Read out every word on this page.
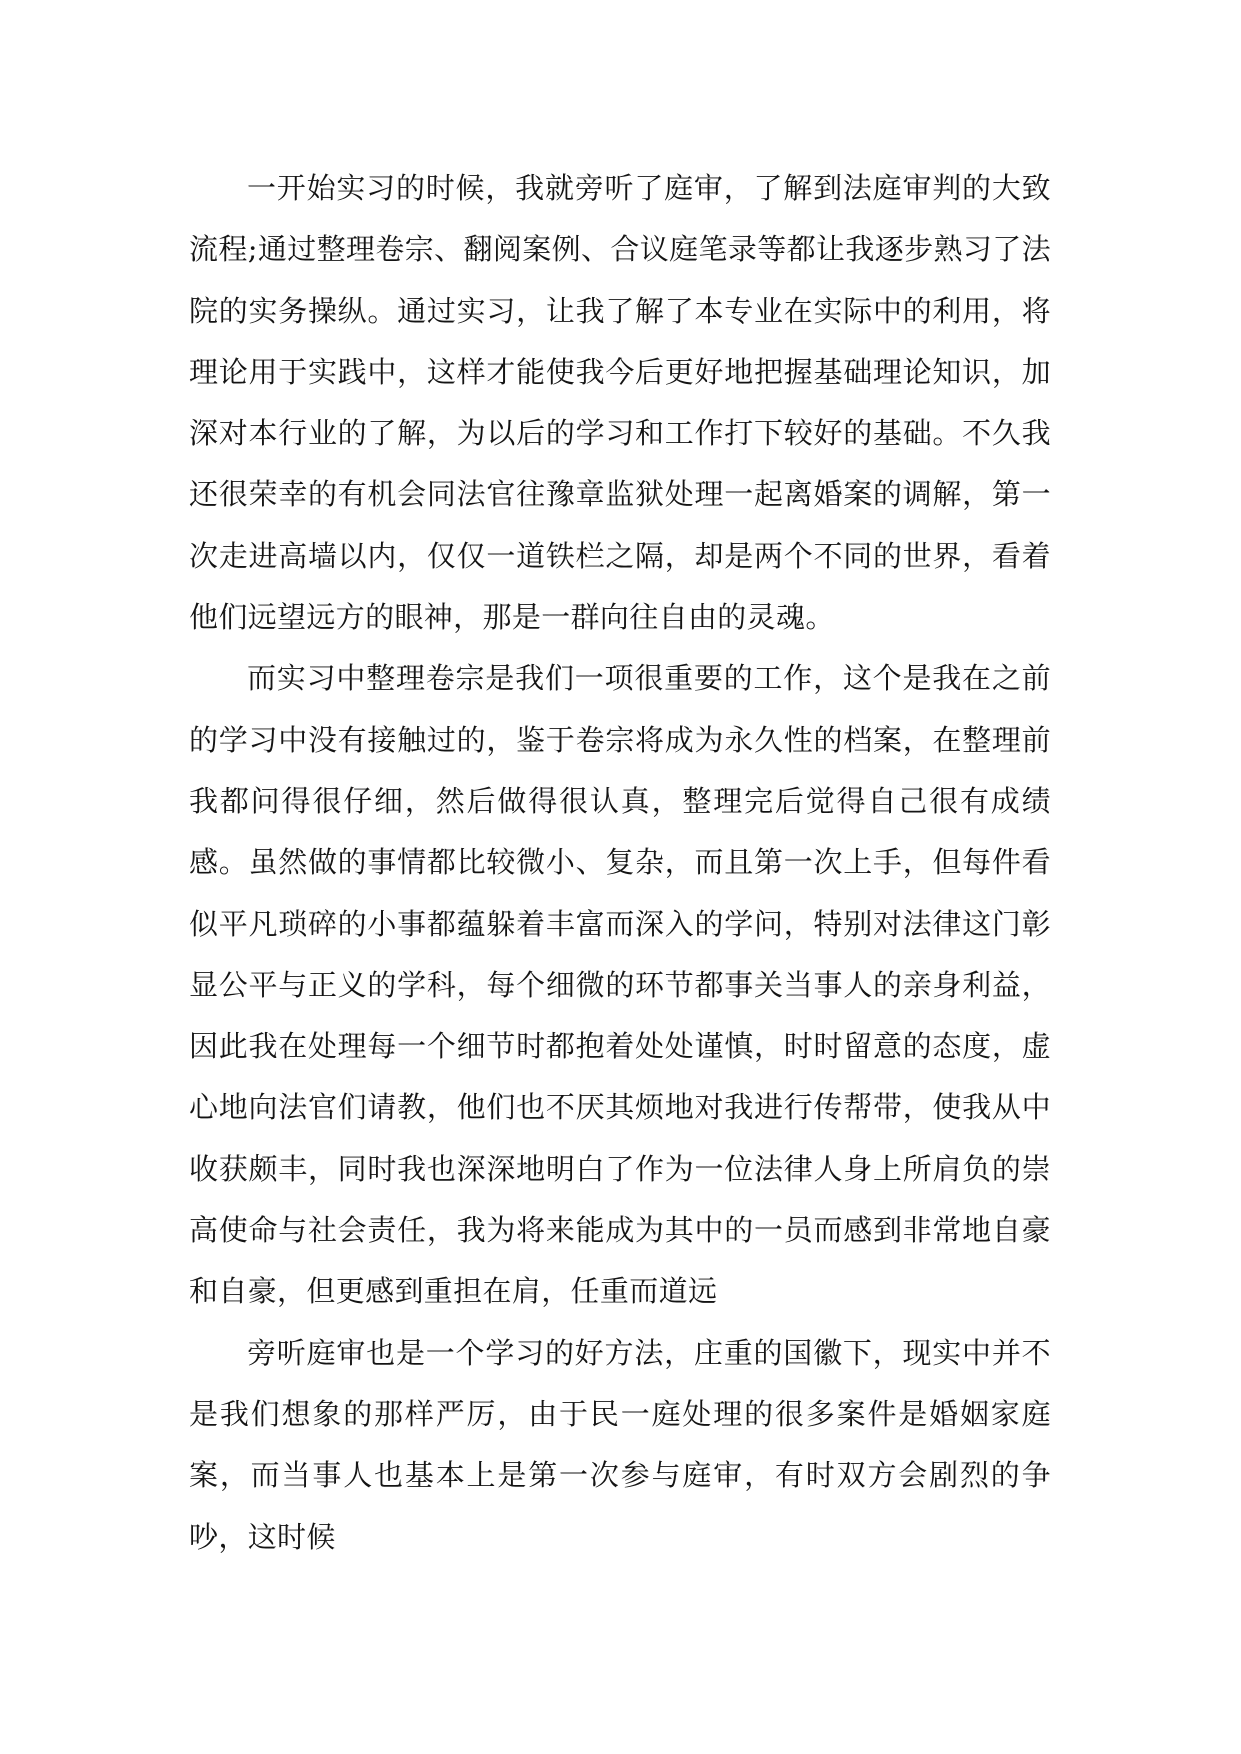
一开始实习的时候，我就旁听了庭审，了解到法庭审判的大致流程;通过整理卷宗、翻阅案例、合议庭笔录等都让我逐步熟习了法院的实务操纵。通过实习，让我了解了本专业在实际中的利用，将理论用于实践中，这样才能使我今后更好地把握基础理论知识，加深对本行业的了解，为以后的学习和工作打下较好的基础。不久我还很荣幸的有机会同法官往豫章监狱处理一起离婚案的调解，第一次走进高墙以内，仅仅一道铁栏之隔，却是两个不同的世界，看着他们远望远方的眼神，那是一群向往自由的灵魂。

而实习中整理卷宗是我们一项很重要的工作，这个是我在之前的学习中没有接触过的，鉴于卷宗将成为永久性的档案，在整理前我都问得很仔细，然后做得很认真，整理完后觉得自己很有成绩感。虽然做的事情都比较微小、复杂，而且第一次上手，但每件看似平凡琐碎的小事都蕴躲着丰富而深入的学问，特别对法律这门彰显公平与正义的学科，每个细微的环节都事关当事人的亲身利益，因此我在处理每一个细节时都抱着处处谨慎，时时留意的态度，虚心地向法官们请教，他们也不厌其烦地对我进行传帮带，使我从中收获颇丰，同时我也深深地明白了作为一位法律人身上所肩负的崇高使命与社会责任，我为将来能成为其中的一员而感到非常地自豪和自豪，但更感到重担在肩，任重而道远

旁听庭审也是一个学习的好方法，庄重的国徽下，现实中并不是我们想象的那样严厉，由于民一庭处理的很多案件是婚姻家庭案，而当事人也基本上是第一次参与庭审，有时双方会剧烈的争吵，这时候
